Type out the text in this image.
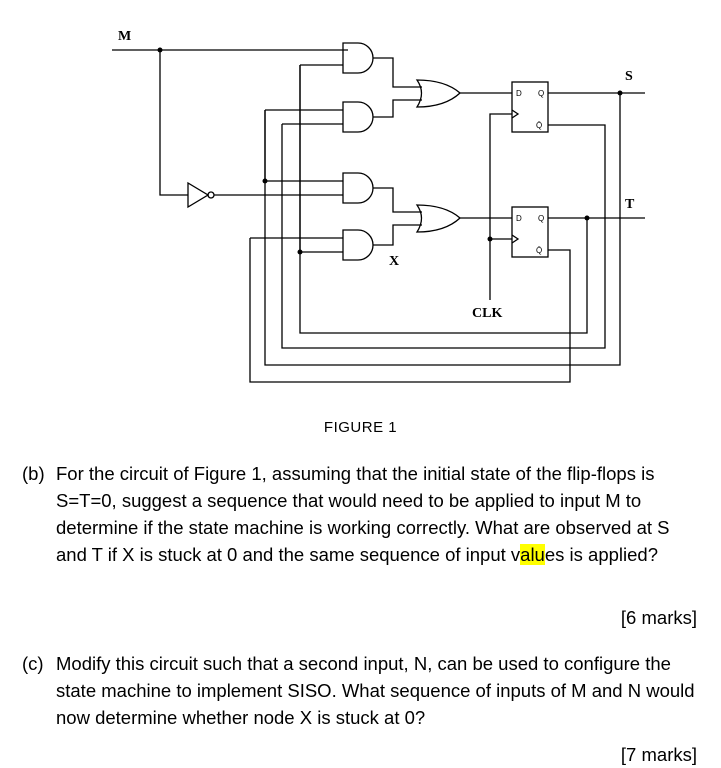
M
S
T
X
CLK
D Q
Q̄
D Q
Q̄
FIGURE 1
(b) For the circuit of Figure 1, assuming that the initial state of the flip-flops is S=T=0, suggest a sequence that would need to be applied to input M to determine if the state machine is working correctly. What are observed at S and T if X is stuck at 0 and the same sequence of input values is applied?
[6 marks]
(c) Modify this circuit such that a second input, N, can be used to configure the state machine to implement SISO. What sequence of inputs of M and N would now determine whether node X is stuck at 0?
[7 marks]
